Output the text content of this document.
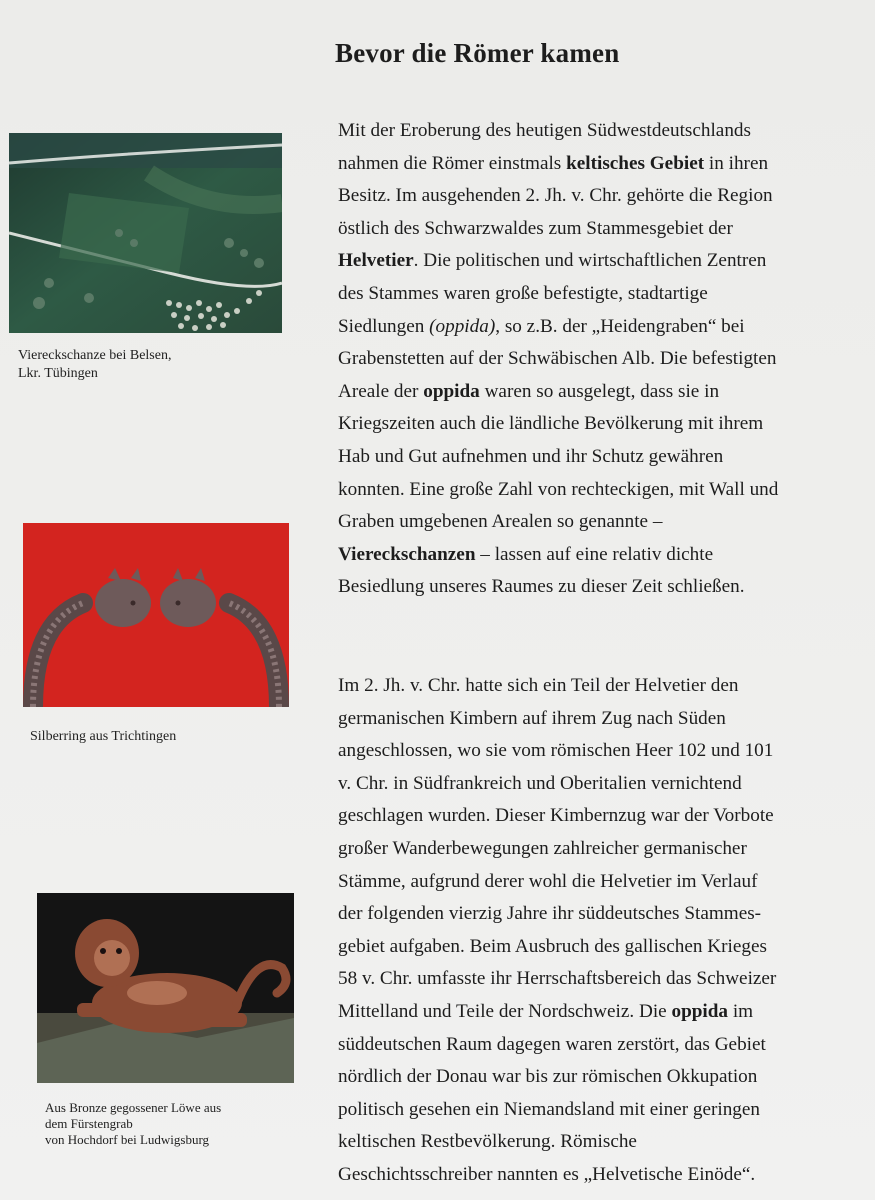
Bevor die Römer kamen
Viereckschanze bei Belsen,
Lkr. Tübingen
Silberring aus Trichtingen
Aus Bronze gegossener Löwe aus
dem Fürstengrab
von Hochdorf bei Ludwigsburg
Mit der Eroberung des heutigen Südwestdeutschlands
nahmen die Römer einstmals keltisches Gebiet in ihren
Besitz. Im ausgehenden 2. Jh. v. Chr. gehörte die Region
östlich des Schwarzwaldes zum Stammesgebiet der
Helvetier. Die politischen und wirtschaftlichen Zentren
des Stammes waren große befestigte, stadtartige
Siedlungen (oppida), so z.B. der „Heidengraben“ bei
Grabenstetten auf der Schwäbischen Alb. Die befestigten
Areale der oppida waren so ausgelegt, dass sie in
Kriegszeiten auch die ländliche Bevölkerung mit ihrem
Hab und Gut aufnehmen und ihr Schutz gewähren
konnten. Eine große Zahl von rechteckigen, mit Wall und
Graben umgebenen Arealen so genannte –
Viereckschanzen – lassen auf eine relativ dichte
Besiedlung unseres Raumes zu dieser Zeit schließen.
Im 2. Jh. v. Chr. hatte sich ein Teil der Helvetier den
germanischen Kimbern auf ihrem Zug nach Süden
angeschlossen, wo sie vom römischen Heer 102 und 101
v. Chr. in Südfrankreich und Oberitalien vernichtend
geschlagen wurden. Dieser Kimbernzug war der Vorbote
großer Wanderbewegungen zahlreicher germanischer
Stämme, aufgrund derer wohl die Helvetier im Verlauf
der folgenden vierzig Jahre ihr süddeutsches Stammes-
gebiet aufgaben. Beim Ausbruch des gallischen Krieges
58 v. Chr. umfasste ihr Herrschaftsbereich das Schweizer
Mittelland und Teile der Nordschweiz. Die oppida im
süddeutschen Raum dagegen waren zerstört, das Gebiet
nördlich der Donau war bis zur römischen Okkupation
politisch gesehen ein Niemandsland mit einer geringen
keltischen Restbevölkerung. Römische
Geschichtsschreiber nannten es „Helvetische Einöde“.
